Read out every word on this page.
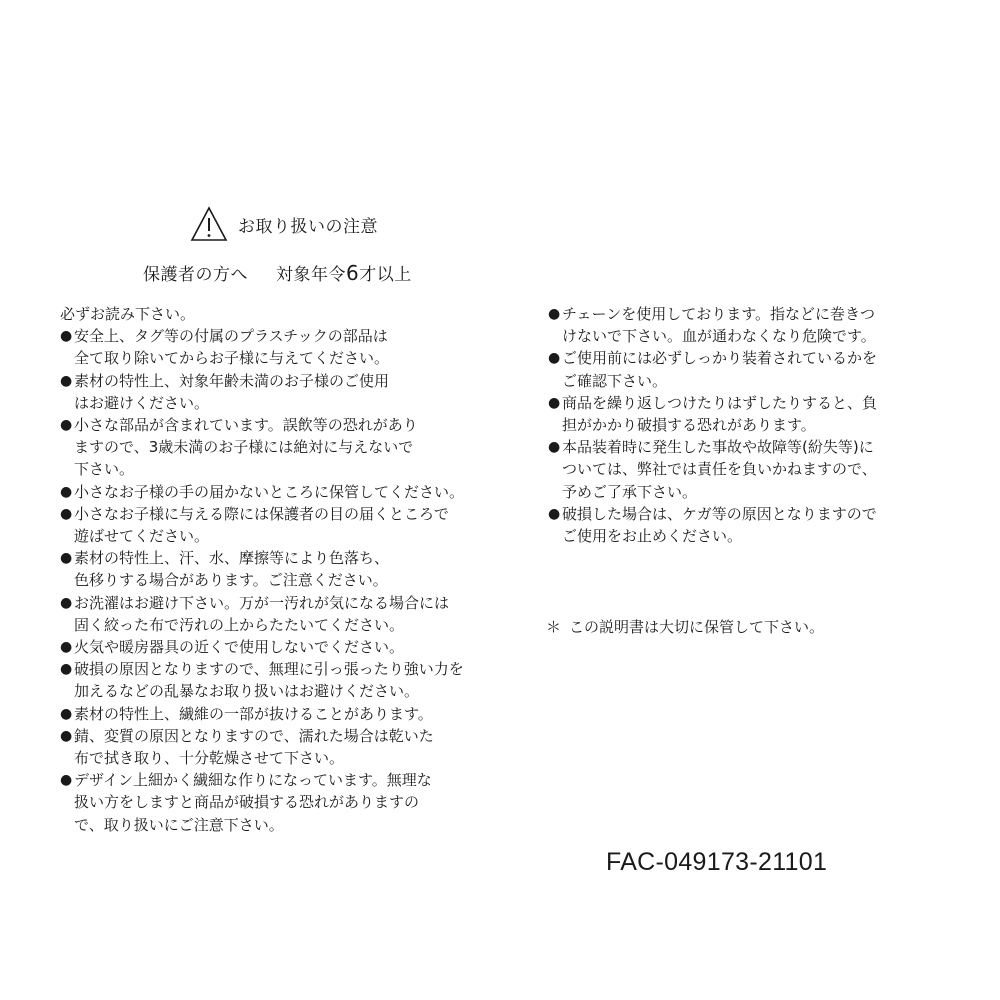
お取り扱いの注意
保護者の方へ 対象年令6才以上

必ずお読み下さい。

● 安全上、タグ等の付属のプラスチックの部品は
全て取り除いてからお子様に与えてください。

● 素材の特性上、対象年齢未満のお子様のご使用
はお避けください。

● 小さな部品が含まれています。誤飲等の恐れがあり
ますので、3歳未満のお子様には絶対に与えないで
下さい。

● 小さなお子様の手の届かないところに保管してください。

● 小さなお子様に与える際には保護者の目の届くところで
遊ばせてください。

● 素材の特性上、汗、水、摩擦等により色落ち、
色移りする場合があります。ご注意ください。

● お洗濯はお避け下さい。万が一汚れが気になる場合には
固く絞った布で汚れの上からたたいてください。

● 火気や暖房器具の近くで使用しないでください。

● 破損の原因となりますので、無理に引っ張ったり強い力を
加えるなどの乱暴なお取り扱いはお避けください。

● 素材の特性上、繊維の一部が抜けることがあります。

● 錆、変質の原因となりますので、濡れた場合は乾いた
布で拭き取り、十分乾燥させて下さい。

● デザイン上細かく繊細な作りになっています。無理な
扱い方をしますと商品が破損する恐れがありますの
で、取り扱いにご注意下さい。

● チェーンを使用しております。指などに巻きつ
けないで下さい。血が通わなくなり危険です。

● ご使用前には必ずしっかり装着されているかを
ご確認下さい。

● 商品を繰り返しつけたりはずしたりすると、負
担がかかり破損する恐れがあります。

● 本品装着時に発生した事故や故障等(紛失等)に
ついては、弊社では責任を負いかねますので、
予めご了承下さい。

● 破損した場合は、ケガ等の原因となりますので
ご使用をお止めください。

＊ この説明書は大切に保管して下さい。
FAC-049173-21101
